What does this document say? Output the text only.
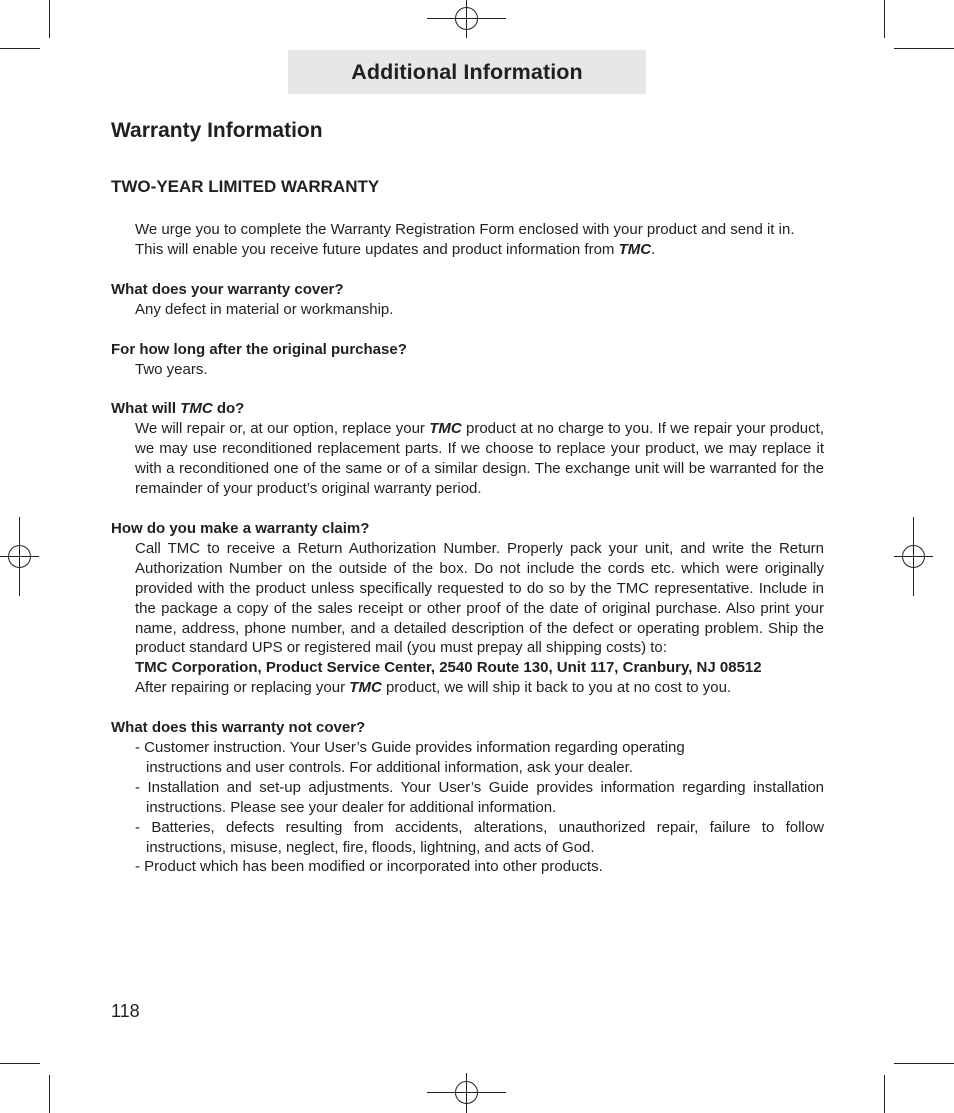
Additional Information
Warranty Information
TWO-YEAR LIMITED WARRANTY
We urge you to complete the Warranty Registration Form enclosed with your product and send it in. This will enable you receive future updates and product information from TMC.
What does your warranty cover?
Any defect in material or workmanship.
For how long after the original purchase?
Two years.
What will TMC do?
We will repair or, at our option, replace your TMC product at no charge to you. If we repair your product, we may use reconditioned replacement parts. If we choose to replace your product, we may replace it with a reconditioned one of the same or of a similar design. The exchange unit will be warranted for the remainder of your product’s original warranty period.
How do you make a warranty claim?
Call TMC to receive a Return Authorization Number. Properly pack your unit, and write the Return Authorization Number on the outside of the box. Do not include the cords etc. which were originally provided with the product unless specifically requested to do so by the TMC representative. Include in the package a copy of the sales receipt or other proof of the date of original purchase. Also print your name, address, phone number, and a detailed description of the defect or operating problem. Ship the product standard UPS or registered mail (you must prepay all shipping costs) to:
TMC Corporation, Product Service Center, 2540 Route 130, Unit 117, Cranbury, NJ 08512
After repairing or replacing your TMC product, we will ship it back to you at no cost to you.
What does this warranty not cover?
- Customer instruction. Your User’s Guide provides information regarding operating instructions and user controls. For additional information, ask your dealer.
- Installation and set-up adjustments. Your User’s Guide provides information regarding installation instructions. Please see your dealer for additional information.
- Batteries, defects resulting from accidents, alterations, unauthorized repair, failure to follow instructions, misuse, neglect, fire, floods, lightning, and acts of God.
- Product which has been modified or incorporated into other products.
118
